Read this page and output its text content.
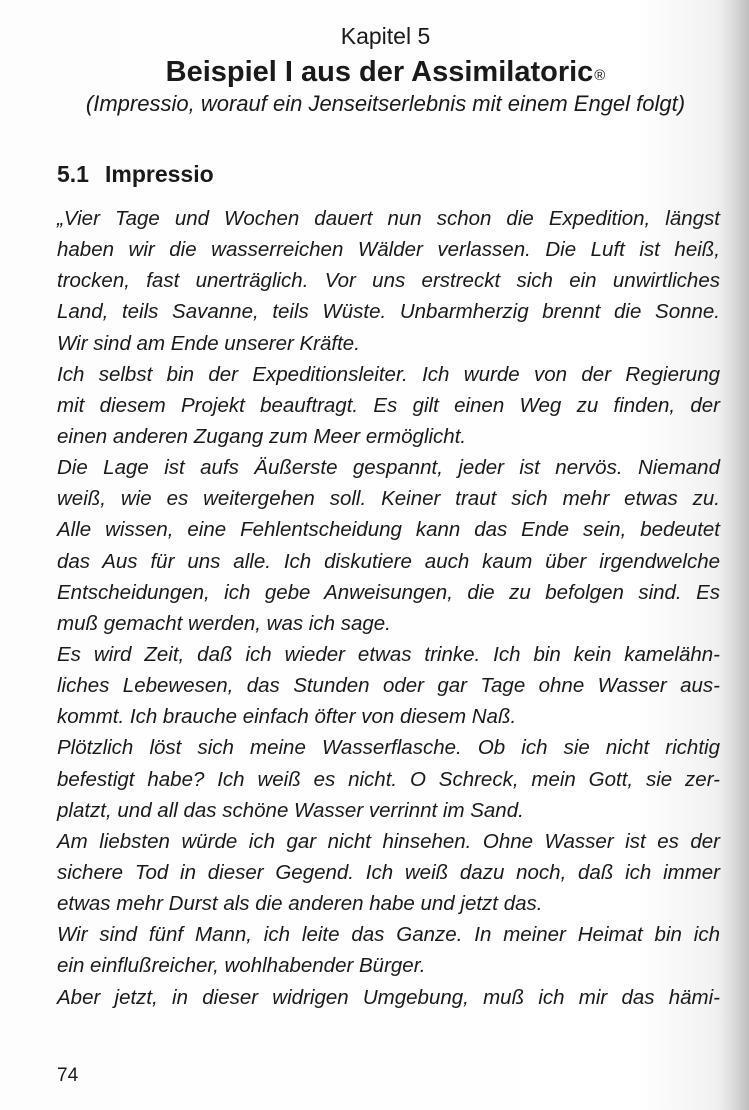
Kapitel 5
Beispiel I aus der Assimilatoric®
(Impressio, worauf ein Jenseitserlebnis mit einem Engel folgt)
5.1 Impressio
„Vier Tage und Wochen dauert nun schon die Expedition, längst
haben wir die wasserreichen Wälder verlassen. Die Luft ist heiß,
trocken, fast unerträglich. Vor uns erstreckt sich ein unwirtliches
Land, teils Savanne, teils Wüste. Unbarmherzig brennt die Sonne.
Wir sind am Ende unserer Kräfte.
Ich selbst bin der Expeditionsleiter. Ich wurde von der Regierung
mit diesem Projekt beauftragt. Es gilt einen Weg zu finden, der
einen anderen Zugang zum Meer ermöglicht.
Die Lage ist aufs Äußerste gespannt, jeder ist nervös. Niemand
weiß, wie es weitergehen soll. Keiner traut sich mehr etwas zu.
Alle wissen, eine Fehlentscheidung kann das Ende sein, bedeutet
das Aus für uns alle. Ich diskutiere auch kaum über irgendwelche
Entscheidungen, ich gebe Anweisungen, die zu befolgen sind. Es
muß gemacht werden, was ich sage.
Es wird Zeit, daß ich wieder etwas trinke. Ich bin kein kamelähn-
liches Lebewesen, das Stunden oder gar Tage ohne Wasser aus-
kommt. Ich brauche einfach öfter von diesem Naß.
Plötzlich löst sich meine Wasserflasche. Ob ich sie nicht richtig
befestigt habe? Ich weiß es nicht. O Schreck, mein Gott, sie zer-
platzt, und all das schöne Wasser verrinnt im Sand.
Am liebsten würde ich gar nicht hinsehen. Ohne Wasser ist es der
sichere Tod in dieser Gegend. Ich weiß dazu noch, daß ich immer
etwas mehr Durst als die anderen habe und jetzt das.
Wir sind fünf Mann, ich leite das Ganze. In meiner Heimat bin ich
ein einflußreicher, wohlhabender Bürger.
Aber jetzt, in dieser widrigen Umgebung, muß ich mir das hämi-
74
